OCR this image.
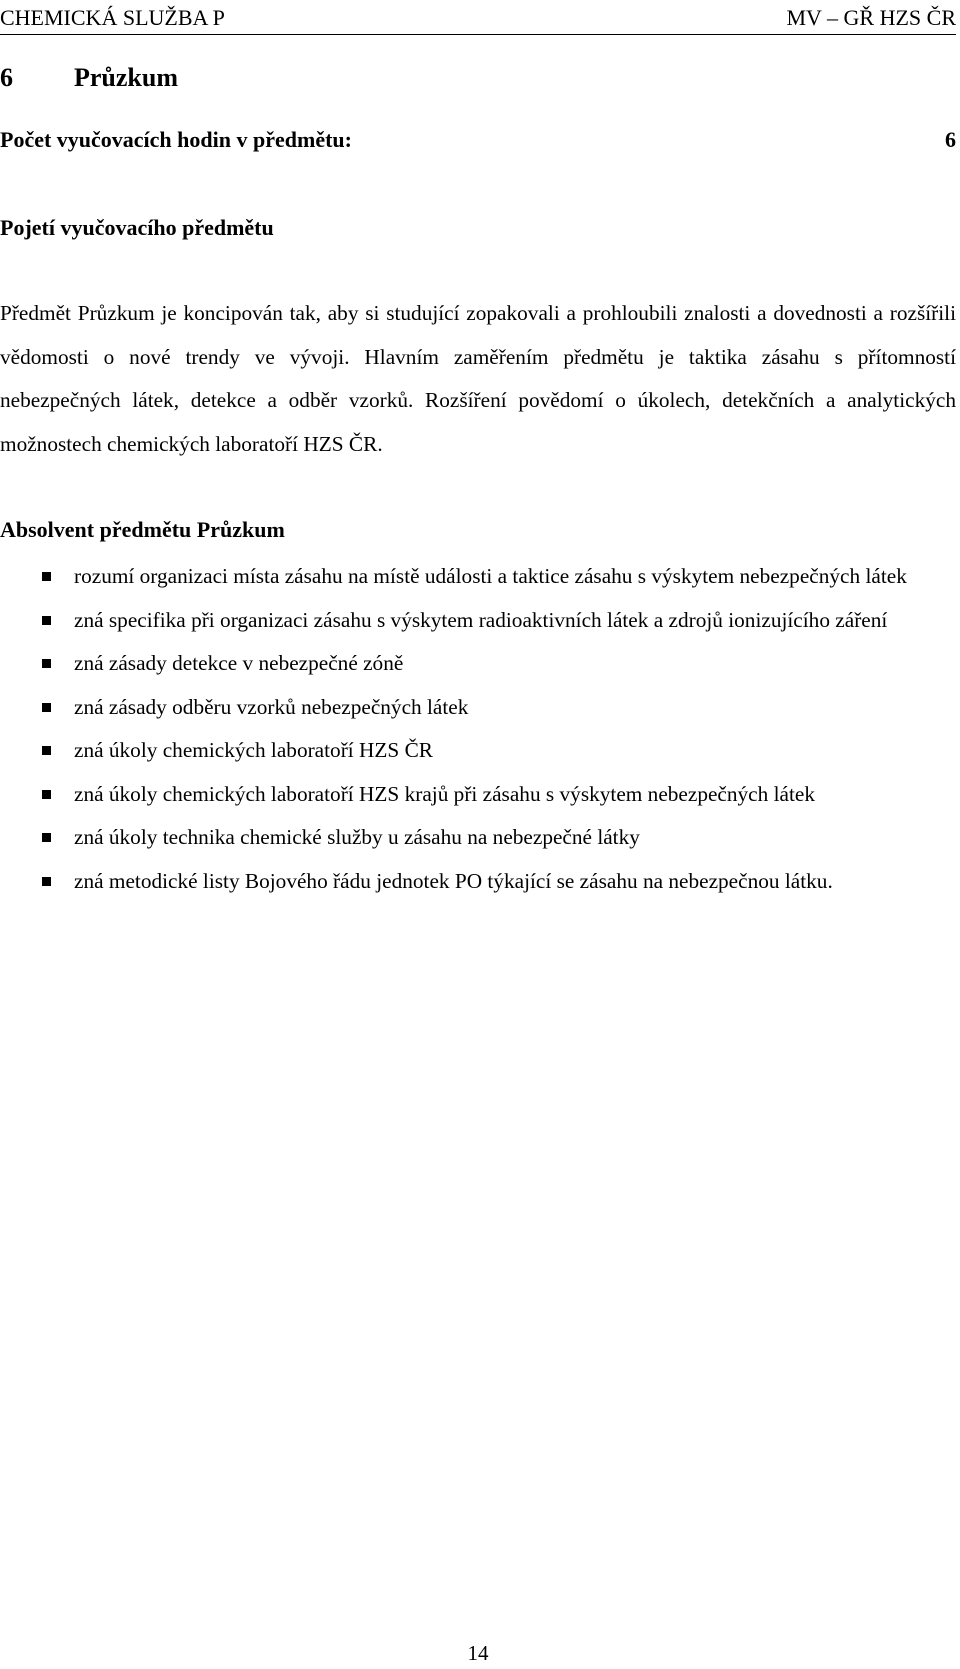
CHEMICKÁ SLUŽBA P	MV – GŘ HZS ČR
6 Průzkum
Počet vyučovacích hodin v předmětu:	6
Pojetí vyučovacího předmětu

Předmět Průzkum je koncipován tak, aby si studující zopakovali a prohloubili znalosti a dovednosti a rozšířili vědomosti o nové trendy ve vývoji. Hlavním zaměřením předmětu je taktika zásahu s přítomností nebezpečných látek, detekce a odběr vzorků. Rozšíření povědomí o úkolech, detekčních a analytických možnostech chemických laboratoří HZS ČR.

Absolvent předmětu Průzkum
rozumí organizaci místa zásahu na místě události a taktice zásahu s výskytem nebezpečných látek
zná specifika při organizaci zásahu s výskytem radioaktivních látek a zdrojů ionizujícího záření
zná zásady detekce v nebezpečné zóně
zná zásady odběru vzorků nebezpečných látek
zná úkoly chemických laboratoří HZS ČR
zná úkoly chemických laboratoří HZS krajů při zásahu s výskytem nebezpečných látek
zná úkoly technika chemické služby u zásahu na nebezpečné látky
zná metodické listy Bojového řádu jednotek PO týkající se zásahu na nebezpečnou látku.
14
